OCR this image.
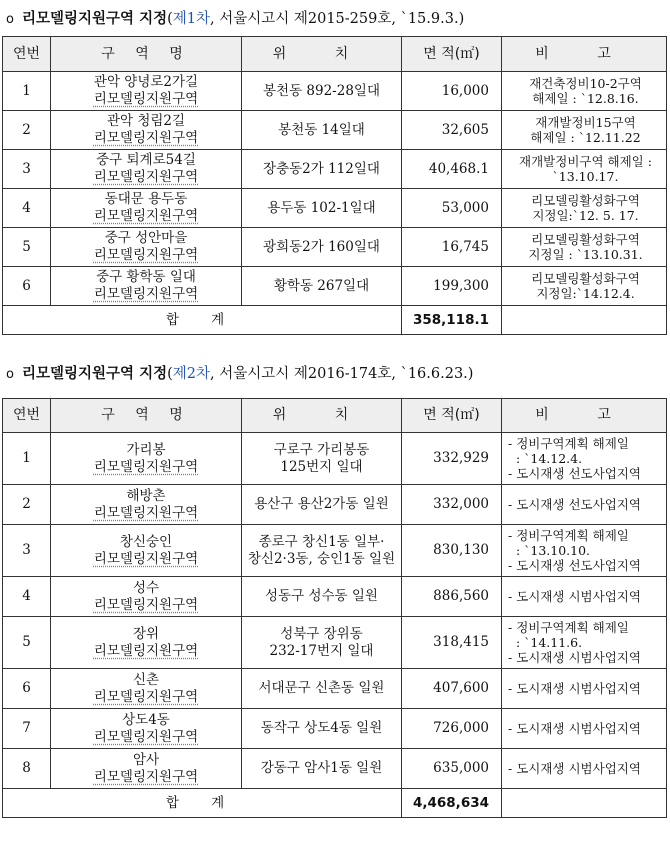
o 리모델링지원구역 지정(제1차, 서울시고시 제2015-259호, `15.9.3.)
연번	구 역 명	위 치	면 적(㎡)	비 고
1	관악 양녕로2가길
리모델링지원구역	봉천동 892-28일대	16,000	재건축정비10-2구역
해제일 : `12.8.16.

2	관악 청림2길
리모델링지원구역	봉천동 14일대	32,605	재개발정비15구역
해제일 : `12.11.22

3	중구 퇴계로54길
리모델링지원구역	장충동2가 112일대	40,468.1	재개발정비구역 해제일 :
`13.10.17.

4	동대문 용두동
리모델링지원구역	용두동 102-1일대	53,000	리모델링활성화구역
지정일:`12. 5. 17.

5	중구 성안마을
리모델링지원구역	광희동2가 160일대	16,745	리모델링활성화구역
지정일 : `13.10.31.

6	중구 황학동 일대
리모델링지원구역	황학동 267일대	199,300	리모델링활성화구역
지정일:`14.12.4.

합 계			358,118.1	
o 리모델링지원구역 지정(제2차, 서울시고시 제2016-174호, `16.6.23.)
연번	구 역 명	위 치	면 적(㎡)	비 고
1	가리봉
리모델링지원구역	구로구 가리봉동
125번지 일대	332,929	- 정비구역계획 해제일
: `14.12.4.
- 도시재생 선도사업지역

2	해방촌
리모델링지원구역	용산구 용산2가동 일원	332,000	- 도시재생 선도사업지역

3	창신숭인
리모델링지원구역	종로구 창신1동 일부·
창신2·3동, 숭인1동 일원	830,130	- 정비구역계획 해제일
: `13.10.10.
- 도시재생 선도사업지역

4	성수
리모델링지원구역	성동구 성수동 일원	886,560	- 도시재생 시범사업지역

5	장위
리모델링지원구역	성북구 장위동
232-17번지 일대	318,415	- 정비구역계획 해제일
: `14.11.6.
- 도시재생 시범사업지역

6	신촌
리모델링지원구역	서대문구 신촌동 일원	407,600	- 도시재생 시범사업지역

7	상도4동
리모델링지원구역	동작구 상도4동 일원	726,000	- 도시재생 시범사업지역

8	암사
리모델링지원구역	강동구 암사1동 일원	635,000	- 도시재생 시범사업지역

합 계			4,468,634	
